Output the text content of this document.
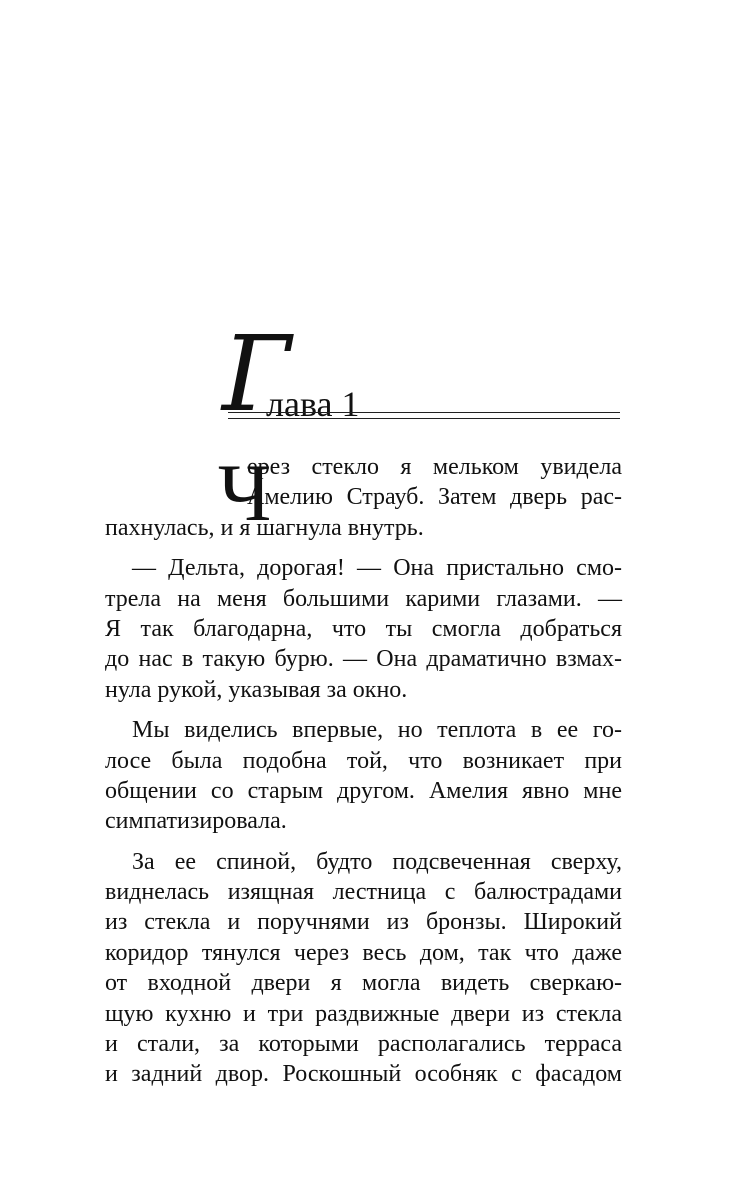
Г
лава 1
Ч
ерез стекло я мельком увидела
Амелию Страуб. Затем дверь рас-
пахнулась, и я шагнула внутрь.
— Дельта, дорогая! — Она пристально смо-
трела на меня большими карими глазами. —
Я так благодарна, что ты смогла добраться
до нас в такую бурю. — Она драматично взмах-
нула рукой, указывая за окно.
Мы виделись впервые, но теплота в ее го-
лосе была подобна той, что возникает при
общении со старым другом. Амелия явно мне
симпатизировала.
За ее спиной, будто подсвеченная сверху,
виднелась изящная лестница с балюстрадами
из стекла и поручнями из бронзы. Широкий
коридор тянулся через весь дом, так что даже
от входной двери я могла видеть сверкаю-
щую кухню и три раздвижные двери из стекла
и стали, за которыми располагались терраса
и задний двор. Роскошный особняк с фасадом
